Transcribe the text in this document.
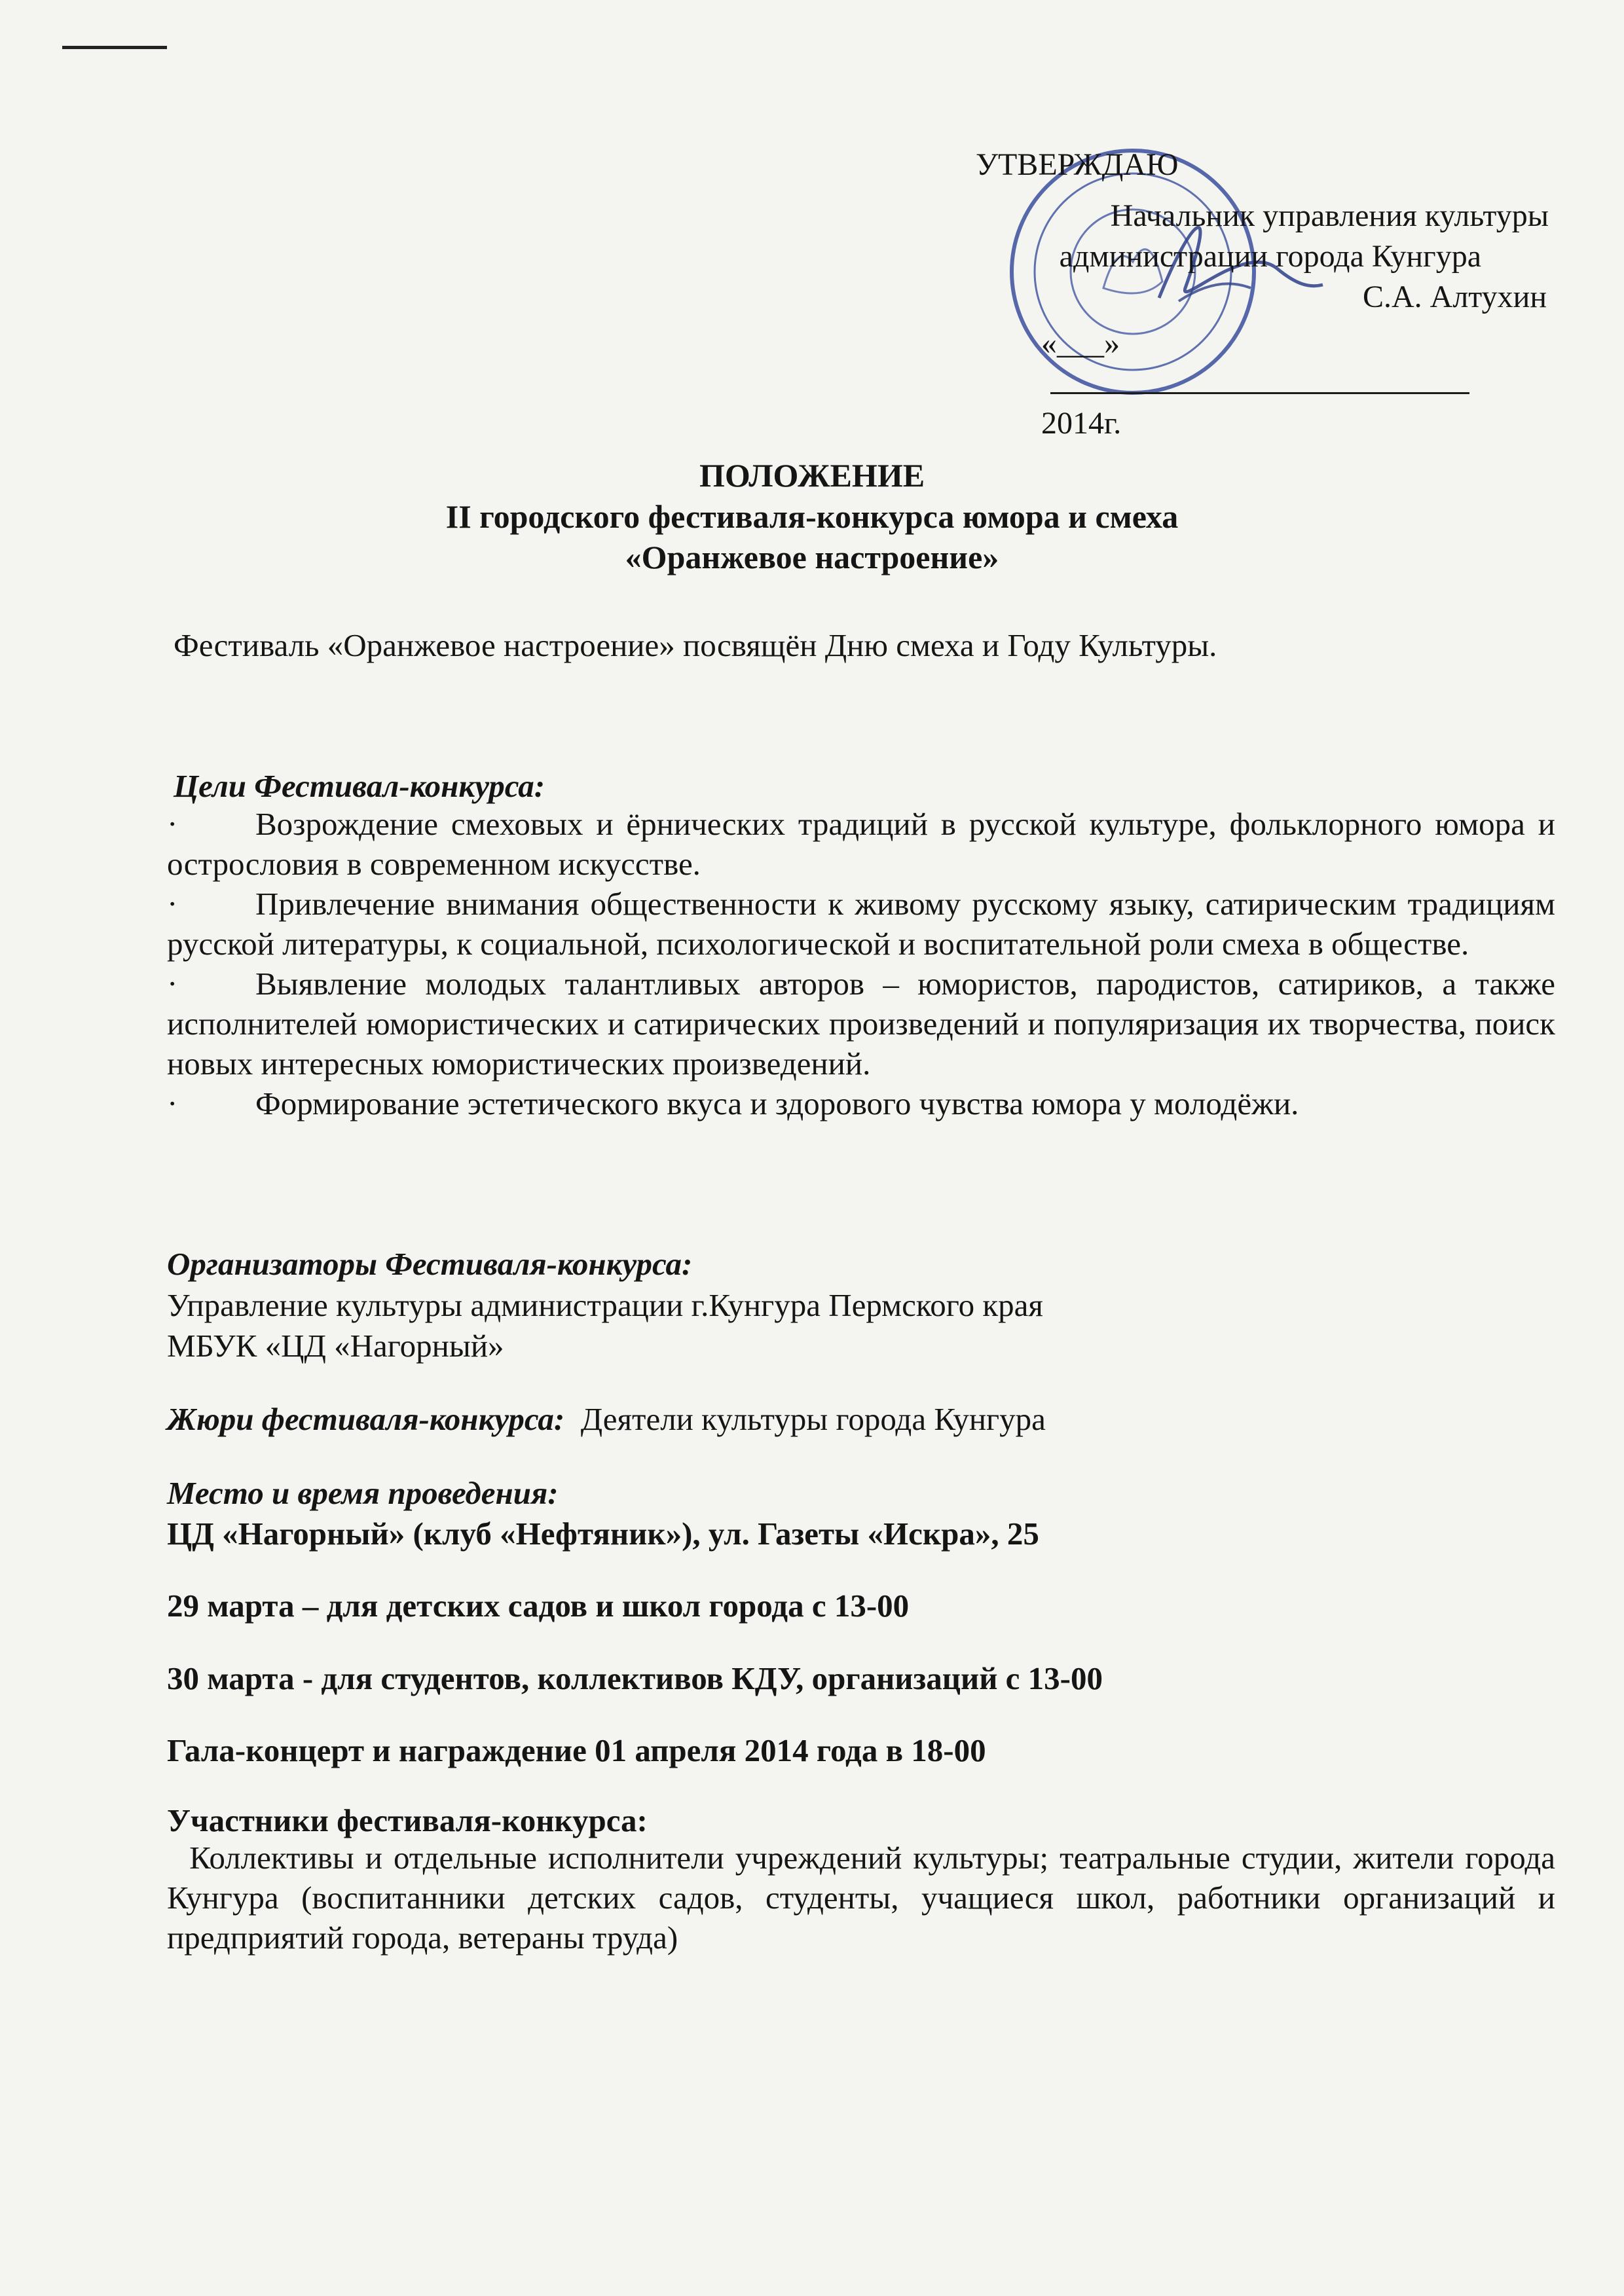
УТВЕРЖДАЮ
Начальник управления культуры
администрации города Кунгура
С.А. Алтухин
«___»2014г.
ПОЛОЖЕНИЕ
II городского фестиваля-конкурса юмора и смеха
«Оранжевое настроение»
Фестиваль «Оранжевое настроение» посвящён Дню смеха и Году Культуры.
Цели Фестивал-конкурса:

· Возрождение смеховых и ёрнических традиций в русской культуре, фольклорного юмора и острословия в современном искусстве.

· Привлечение внимания общественности к живому русскому языку, сатирическим традициям русской литературы, к социальной, психологической и воспитательной роли смеха в обществе.

· Выявление молодых талантливых авторов – юмористов, пародистов, сатириков, а также исполнителей юмористических и сатирических произведений и популяризация их творчества, поиск новых интересных юмористических произведений.

· Формирование эстетического вкуса и здорового чувства юмора у молодёжи.

Организаторы Фестиваля-конкурса:
Управление культуры администрации г.Кунгура Пермского края
МБУК «ЦД «Нагорный»
Жюри фестиваля-конкурса: Деятели культуры города Кунгура
Место и время проведения:
ЦД «Нагорный» (клуб «Нефтяник»), ул. Газеты «Искра», 25
29 марта – для детских садов и школ города с 13-00
30 марта - для студентов, коллективов КДУ, организаций с 13-00
Гала-концерт и награждение 01 апреля 2014 года в 18-00
Участники фестиваля-конкурса:
Коллективы и отдельные исполнители учреждений культуры; театральные студии, жители города Кунгура (воспитанники детских садов, студенты, учащиеся школ, работники организаций и предприятий города, ветераны труда)
